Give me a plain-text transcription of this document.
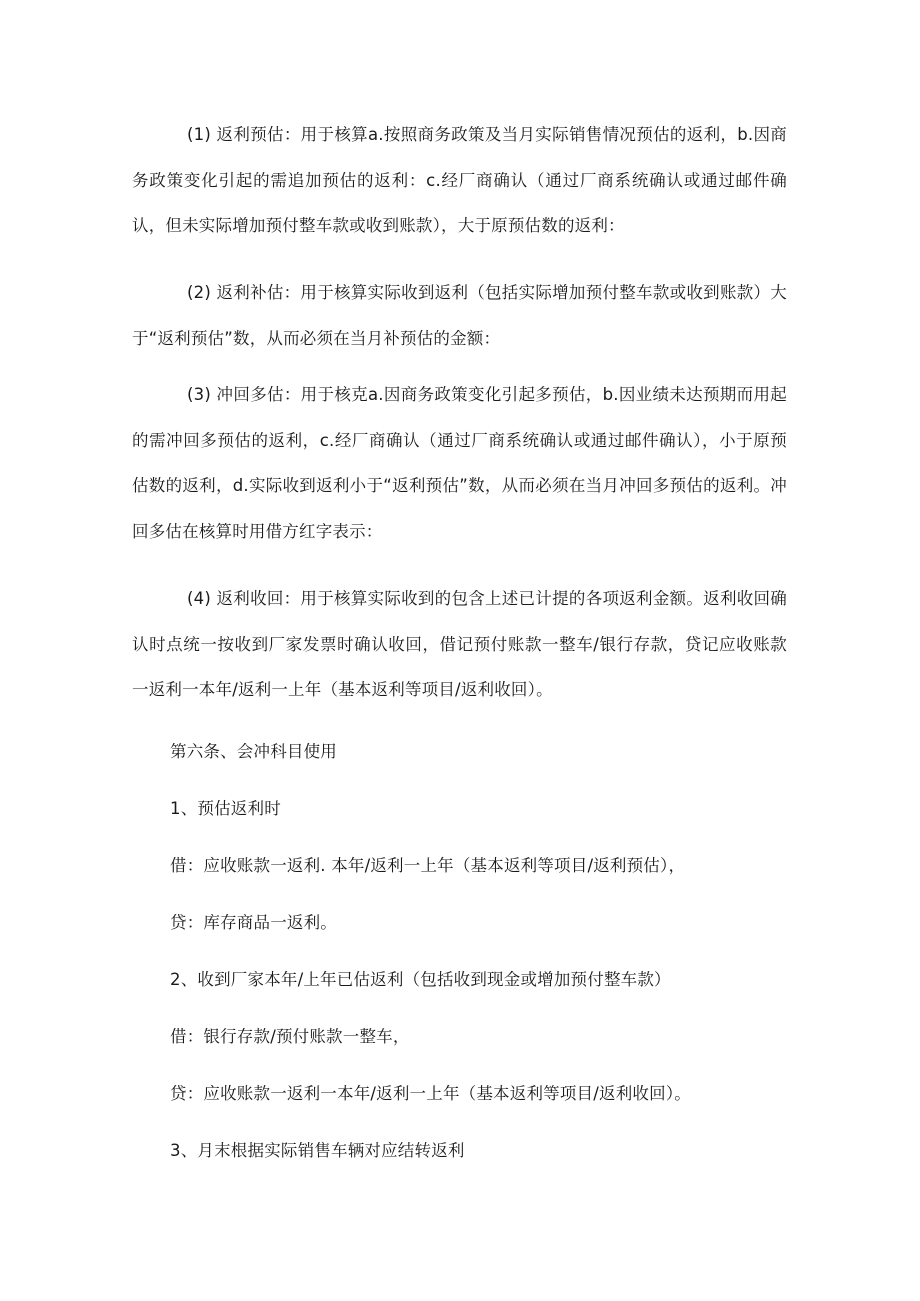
(1) 返利预估：用于核算a.按照商务政策及当月实际销售情况预估的返利，b.因商务政策变化引起的需追加预估的返利：c.经厂商确认（通过厂商系统确认或通过邮件确认，但未实际增加预付整车款或收到账款），大于原预估数的返利：

(2) 返利补估：用于核算实际收到返利（包括实际增加预付整车款或收到账款）大于“返利预估”数，从而必须在当月补预估的金额：

(3) 冲回多估：用于核克a.因商务政策变化引起多预估，b.因业绩未达预期而用起的需冲回多预估的返利，c.经厂商确认（通过厂商系统确认或通过邮件确认），小于原预估数的返利，d.实际收到返利小于“返利预估”数，从而必须在当月冲回多预估的返利。冲回多估在核算时用借方红字表示：

(4) 返利收回：用于核算实际收到的包含上述已计提的各项返利金额。返利收回确认时点统一按收到厂家发票时确认收回，借记预付账款一整车/银行存款，贷记应收账款一返利一本年/返利一上年（基本返利等项目/返利收回）。

第六条、会冲科目使用

1、预估返利时

借：应收账款一返利. 本年/返利一上年（基本返利等项目/返利预估），

贷：库存商品一返利。

2、收到厂家本年/上年已估返利（包括收到现金或增加预付整车款）

借：银行存款/预付账款一整车，

贷：应收账款一返利一本年/返利一上年（基本返利等项目/返利收回）。

3、月末根据实际销售车辆对应结转返利
